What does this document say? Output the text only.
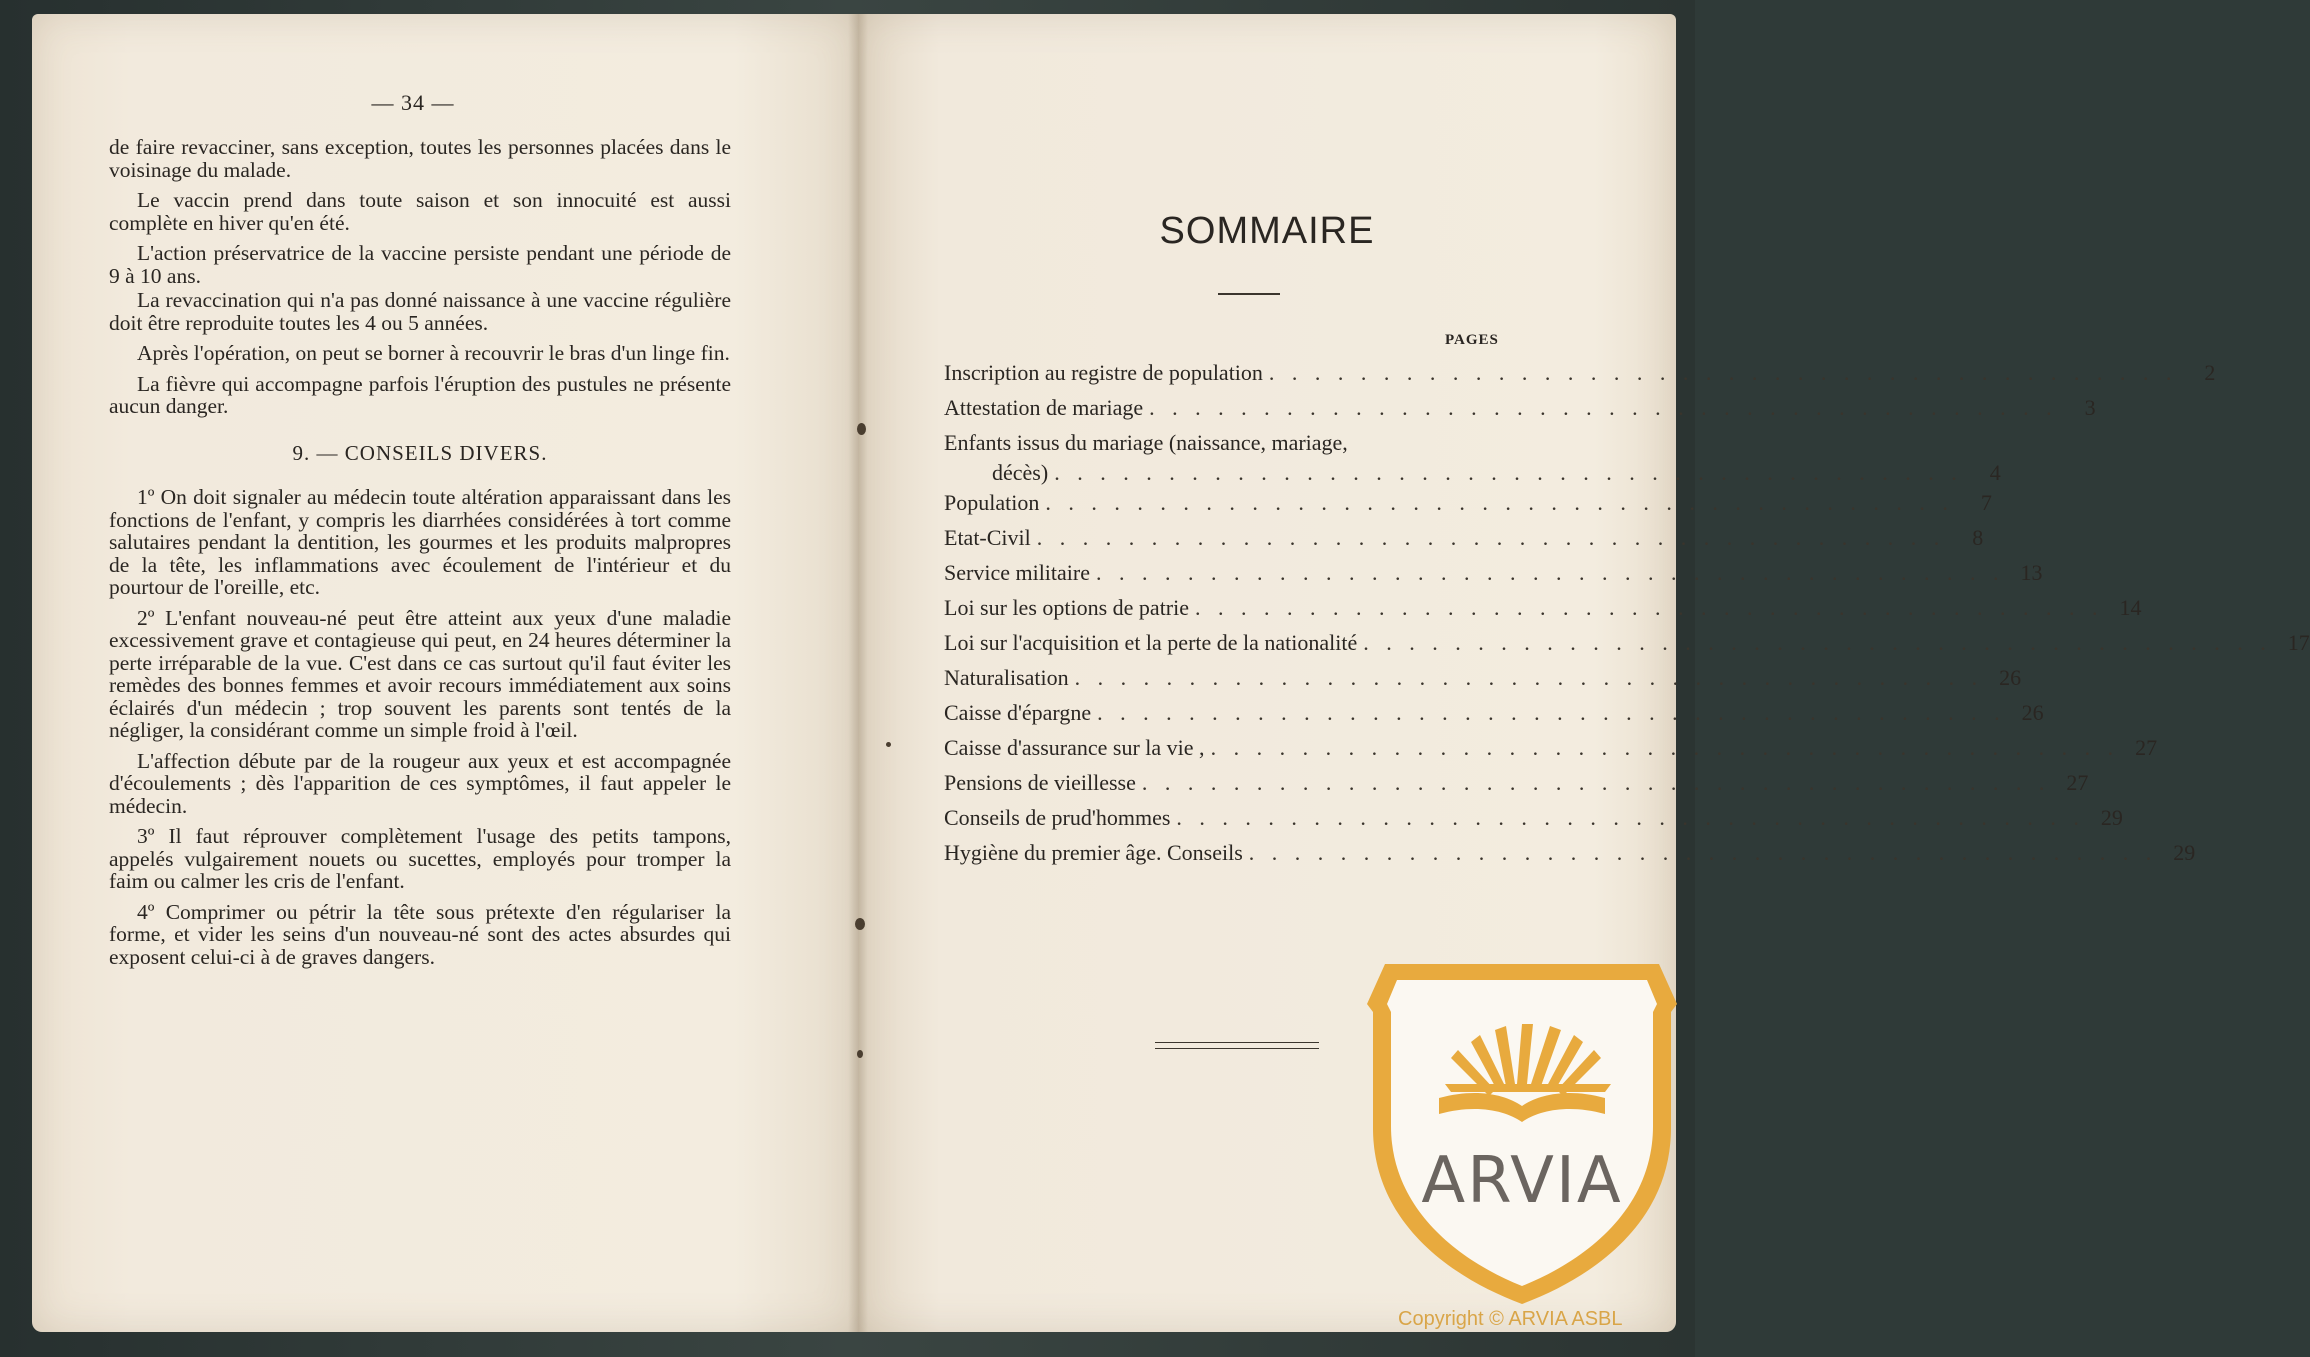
— 34 —

de faire revacciner, sans exception, toutes les personnes placées dans le voisinage du malade.

Le vaccin prend dans toute saison et son innocuité est aussi complète en hiver qu'en été.

L'action préservatrice de la vaccine persiste pendant une période de 9 à 10 ans.

La revaccination qui n'a pas donné naissance à une vaccine régulière doit être reproduite toutes les 4 ou 5 années.

Après l'opération, on peut se borner à recouvrir le bras d'un linge fin.

La fièvre qui accompagne parfois l'éruption des pustules ne présente aucun danger.

9. — CONSEILS DIVERS.

1º On doit signaler au médecin toute altération apparaissant dans les fonctions de l'enfant, y compris les diarrhées considérées à tort comme salutaires pendant la dentition, les gourmes et les produits malpropres de la tête, les inflammations avec écoulement de l'intérieur et du pourtour de l'oreille, etc.

2º L'enfant nouveau-né peut être atteint aux yeux d'une maladie excessivement grave et contagieuse qui peut, en 24 heures déterminer la perte irréparable de la vue. C'est dans ce cas surtout qu'il faut éviter les remèdes des bonnes femmes et avoir recours immédiatement aux soins éclairés d'un médecin ; trop souvent les parents sont tentés de la négliger, la considérant comme un simple froid à l'œil.

L'affection débute par de la rougeur aux yeux et est accompagnée d'écoulements ; dès l'apparition de ces symptômes, il faut appeler le médecin.

3º Il faut réprouver complètement l'usage des petits tampons, appelés vulgairement nouets ou sucettes, employés pour tromper la faim ou calmer les cris de l'enfant.

4º Comprimer ou pétrir la tête sous prétexte d'en régulariser la forme, et vider les seins d'un nouveau-né sont des actes absurdes qui exposent celui-ci à de graves dangers.

SOMMAIRE
PAGES
Inscription au registre de population . . . . . . . . . . . . . . . . . . . . . . . . . . . . . . . . . . . . . . . .	2
Attestation de mariage . . . . . . . . . . . . . . . . . . . . . . . . . . . . . . . . . . . . . . . .	3
Enfants issus du mariage (naissance, mariage,
décès) . . . . . . . . . . . . . . . . . . . . . . . . . . . . . . . . . . . . . . . .	4
Population . . . . . . . . . . . . . . . . . . . . . . . . . . . . . . . . . . . . . . . .	7
Etat-Civil . . . . . . . . . . . . . . . . . . . . . . . . . . . . . . . . . . . . . . . .	8
Service militaire . . . . . . . . . . . . . . . . . . . . . . . . . . . . . . . . . . . . . . . . 13
Loi sur les options de patrie . . . . . . . . . . . . . . . . . . . . . . . . . . . . . . . . . . . . . . . . 14
Loi sur l'acquisition et la perte de la nationalité . . . . . . . . . . . . . . . . . . . . . . . . . . . . . . . . . . . . . . . . 17
Naturalisation . . . . . . . . . . . . . . . . . . . . . . . . . . . . . . . . . . . . . . . . 26
Caisse d'épargne . . . . . . . . . . . . . . . . . . . . . . . . . . . . . . . . . . . . . . . . 26
Caisse d'assurance sur la vie , . . . . . . . . . . . . . . . . . . . . . . . . . . . . . . . . . . . . . . . . 27
Pensions de vieillesse . . . . . . . . . . . . . . . . . . . . . . . . . . . . . . . . . . . . . . . . 27
Conseils de prud'hommes . . . . . . . . . . . . . . . . . . . . . . . . . . . . . . . . . . . . . . . . 29
Hygiène du premier âge. Conseils . . . . . . . . . . . . . . . . . . . . . . . . . . . . . . . . . . . . . . . . 29
ARVIA
Copyright © ARVIA ASBL
